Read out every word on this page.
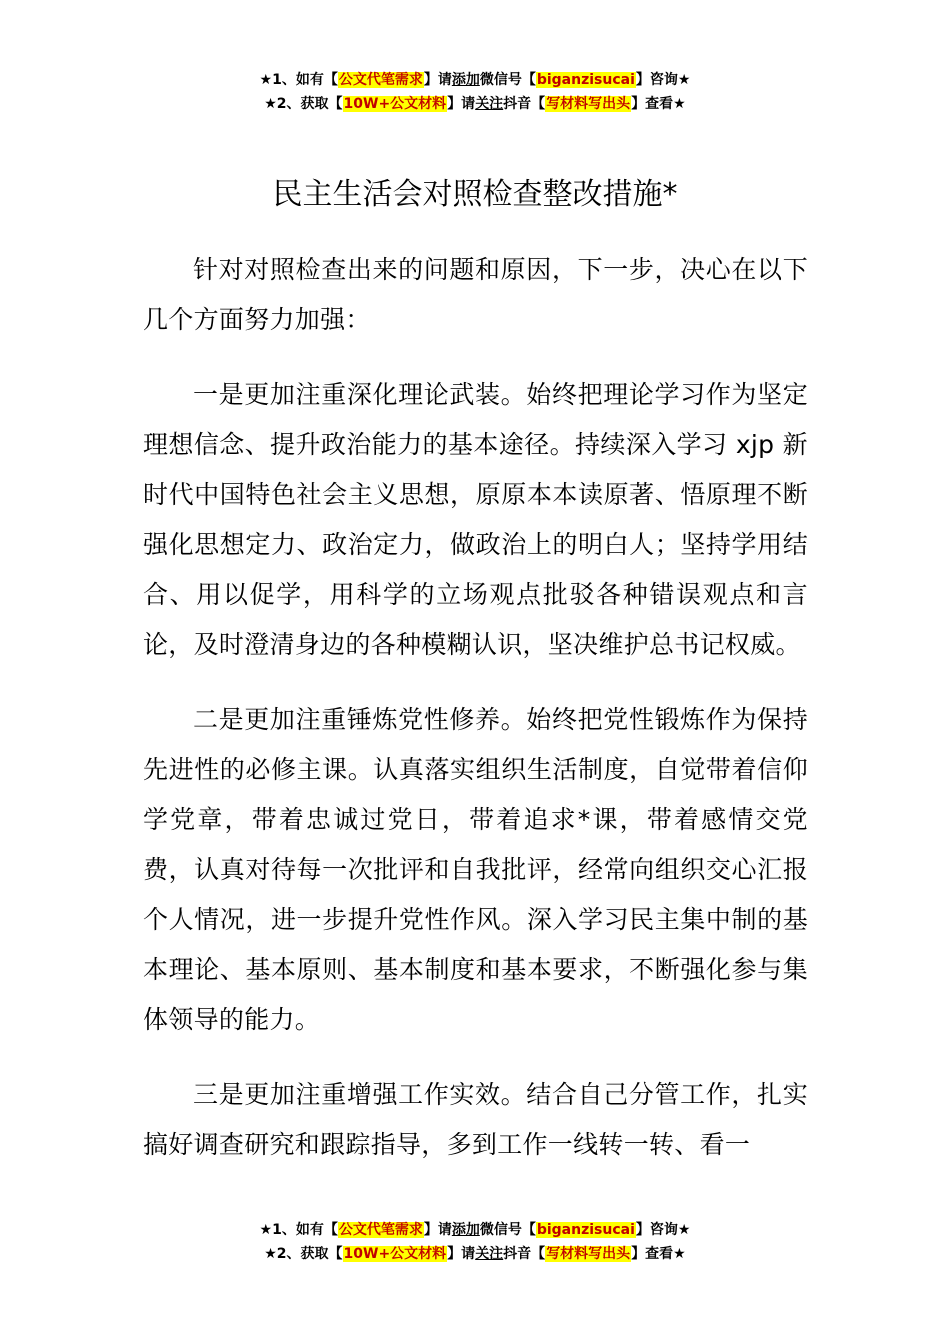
★1、如有【公文代笔需求】请添加微信号【biganzisucai】咨询★
★2、获取【10W+公文材料】请关注抖音【写材料写出头】查看★
民主生活会对照检查整改措施*

针对对照检查出来的问题和原因，下一步，决心在以下几个方面努力加强：

一是更加注重深化理论武装。始终把理论学习作为坚定理想信念、提升政治能力的基本途径。持续深入学习 xjp 新时代中国特色社会主义思想，原原本本读原著、悟原理不断强化思想定力、政治定力，做政治上的明白人；坚持学用结合、用以促学，用科学的立场观点批驳各种错误观点和言论，及时澄清身边的各种模糊认识，坚决维护总书记权威。

二是更加注重锤炼党性修养。始终把党性锻炼作为保持先进性的必修主课。认真落实组织生活制度，自觉带着信仰学党章，带着忠诚过党日，带着追求*课，带着感情交党费，认真对待每一次批评和自我批评，经常向组织交心汇报个人情况，进一步提升党性作风。深入学习民主集中制的基本理论、基本原则、基本制度和基本要求，不断强化参与集体领导的能力。

三是更加注重增强工作实效。结合自己分管工作，扎实搞好调查研究和跟踪指导，多到工作一线转一转、看一

★1、如有【公文代笔需求】请添加微信号【biganzisucai】咨询★
★2、获取【10W+公文材料】请关注抖音【写材料写出头】查看★
